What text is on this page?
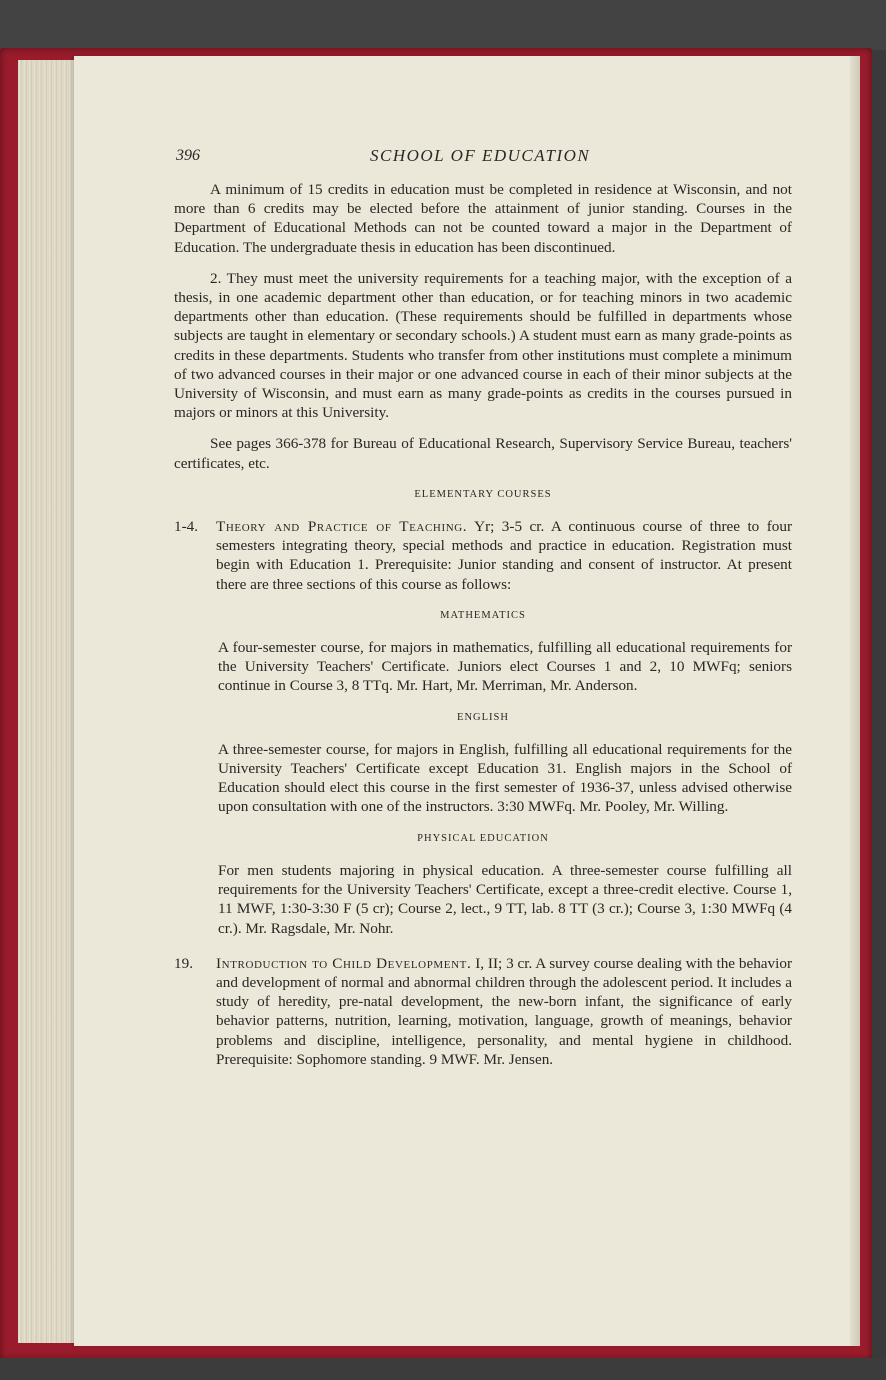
396	SCHOOL OF EDUCATION

A minimum of 15 credits in education must be completed in residence at Wisconsin, and not more than 6 credits may be elected before the attainment of junior standing. Courses in the Department of Educational Methods can not be counted toward a major in the Department of Education. The undergraduate thesis in education has been discontinued.

2. They must meet the university requirements for a teaching major, with the exception of a thesis, in one academic department other than education, or for teaching minors in two academic departments other than education. (These requirements should be fulfilled in departments whose subjects are taught in elementary or secondary schools.) A student must earn as many grade-points as credits in these departments. Students who transfer from other institutions must complete a minimum of two advanced courses in their major or one advanced course in each of their minor subjects at the University of Wisconsin, and must earn as many grade-points as credits in the courses pursued in majors or minors at this University.

See pages 366-378 for Bureau of Educational Research, Supervisory Service Bureau, teachers' certificates, etc.

ELEMENTARY COURSES
1-4. Theory and Practice of Teaching. Yr; 3-5 cr. A continuous course of three to four semesters integrating theory, special methods and practice in education. Registration must begin with Education 1. Prerequisite: Junior standing and consent of instructor. At present there are three sections of this course as follows:

MATHEMATICS

A four-semester course, for majors in mathematics, fulfilling all educational requirements for the University Teachers' Certificate. Juniors elect Courses 1 and 2, 10 MWFq; seniors continue in Course 3, 8 TTq. Mr. Hart, Mr. Merriman, Mr. Anderson.

ENGLISH

A three-semester course, for majors in English, fulfilling all educational requirements for the University Teachers' Certificate except Education 31. English majors in the School of Education should elect this course in the first semester of 1936-37, unless advised otherwise upon consultation with one of the instructors. 3:30 MWFq. Mr. Pooley, Mr. Willing.

PHYSICAL EDUCATION

For men students majoring in physical education. A three-semester course fulfilling all requirements for the University Teachers' Certificate, except a three-credit elective. Course 1, 11 MWF, 1:30-3:30 F (5 cr); Course 2, lect., 9 TT, lab. 8 TT (3 cr.); Course 3, 1:30 MWFq (4 cr.). Mr. Ragsdale, Mr. Nohr.

19. Introduction to Child Development. I, II; 3 cr. A survey course dealing with the behavior and development of normal and abnormal children through the adolescent period. It includes a study of heredity, pre-natal development, the new-born infant, the significance of early behavior patterns, nutrition, learning, motivation, language, growth of meanings, behavior problems and discipline, intelligence, personality, and mental hygiene in childhood. Prerequisite: Sophomore standing. 9 MWF. Mr. Jensen.
